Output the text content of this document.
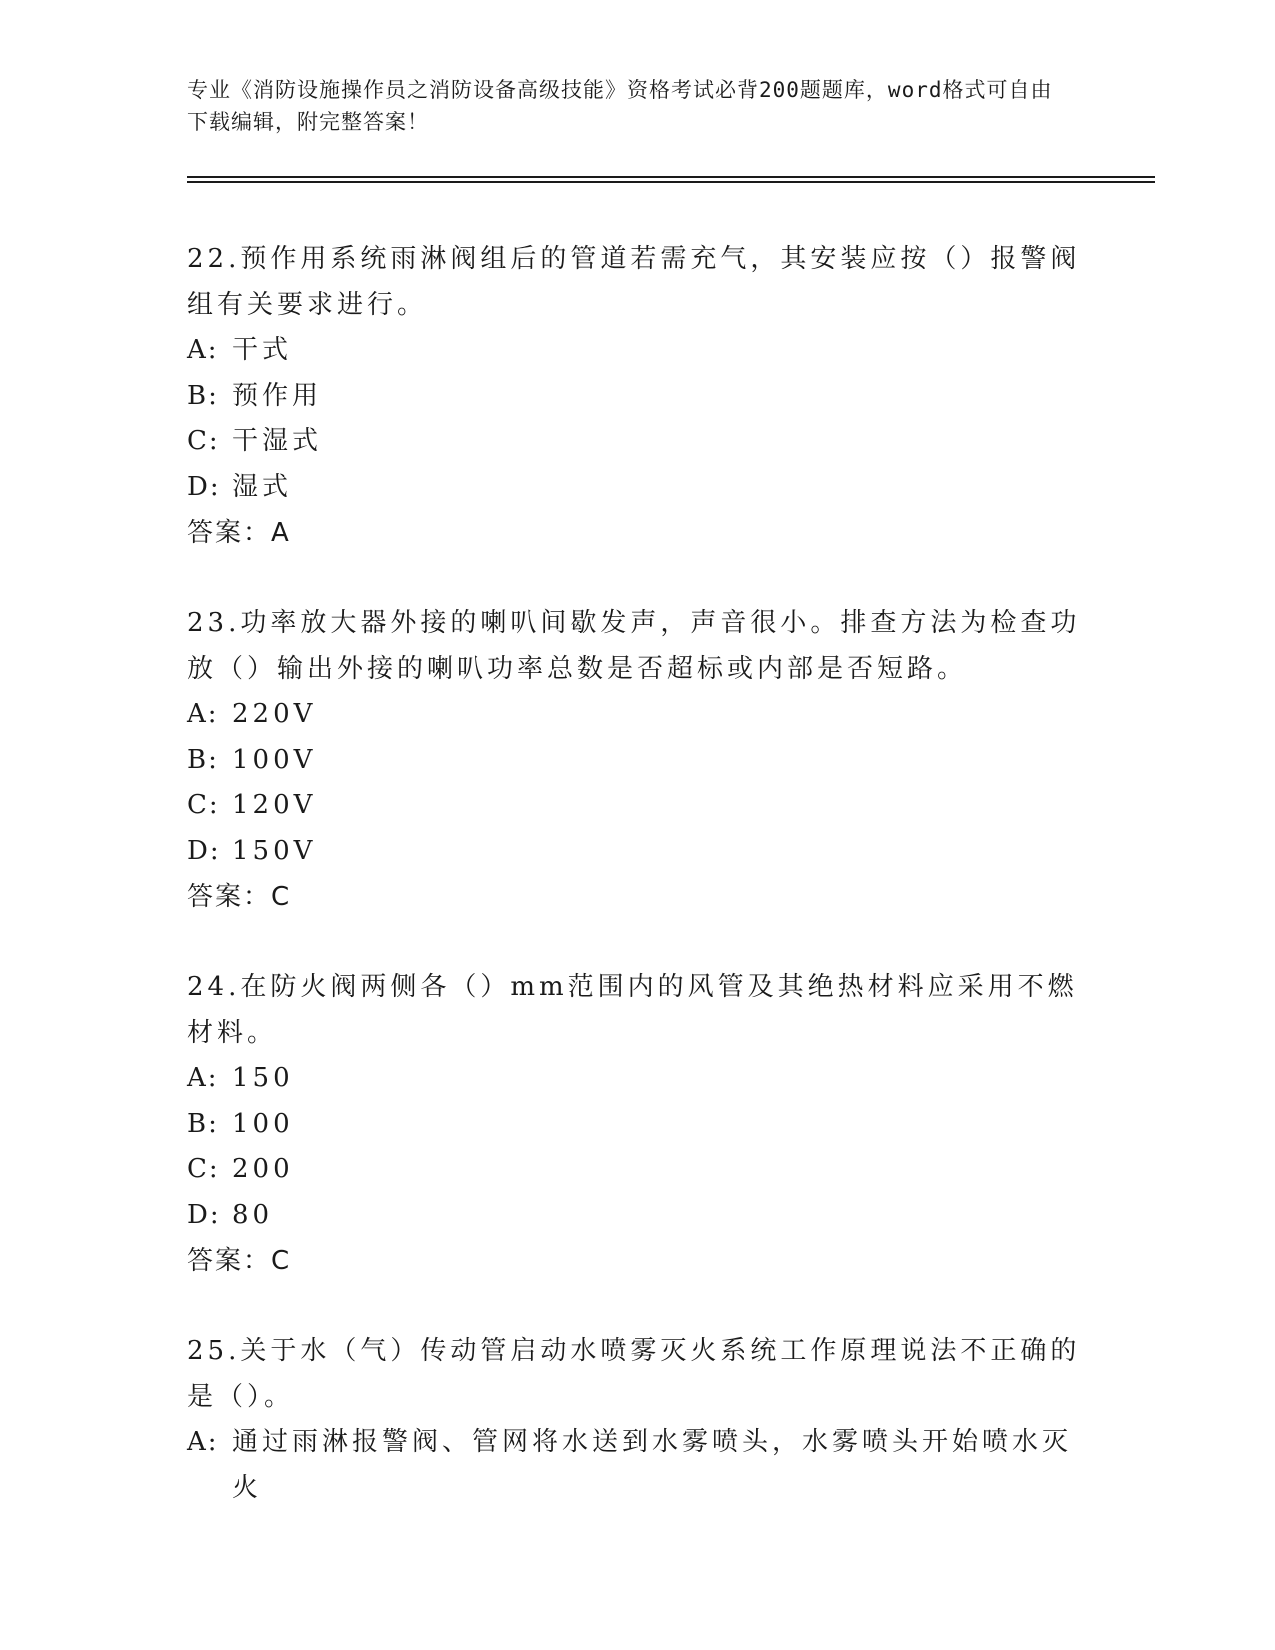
专业《消防设施操作员之消防设备高级技能》资格考试必背200题题库，word格式可自由下载编辑，附完整答案！

22.预作用系统雨淋阀组后的管道若需充气，其安装应按（）报警阀组有关要求进行。

A: 干式
B: 预作用
C: 干湿式
D: 湿式
答案：A

23.功率放大器外接的喇叭间歇发声，声音很小。排查方法为检查功放（）输出外接的喇叭功率总数是否超标或内部是否短路。

A: 220V
B: 100V
C: 120V
D: 150V
答案：C

24.在防火阀两侧各（）mm范围内的风管及其绝热材料应采用不燃材料。

A: 150
B: 100
C: 200
D: 80
答案：C

25.关于水（气）传动管启动水喷雾灭火系统工作原理说法不正确的是（）。

A: 通过雨淋报警阀、管网将水送到水雾喷头，水雾喷头开始喷水灭火
